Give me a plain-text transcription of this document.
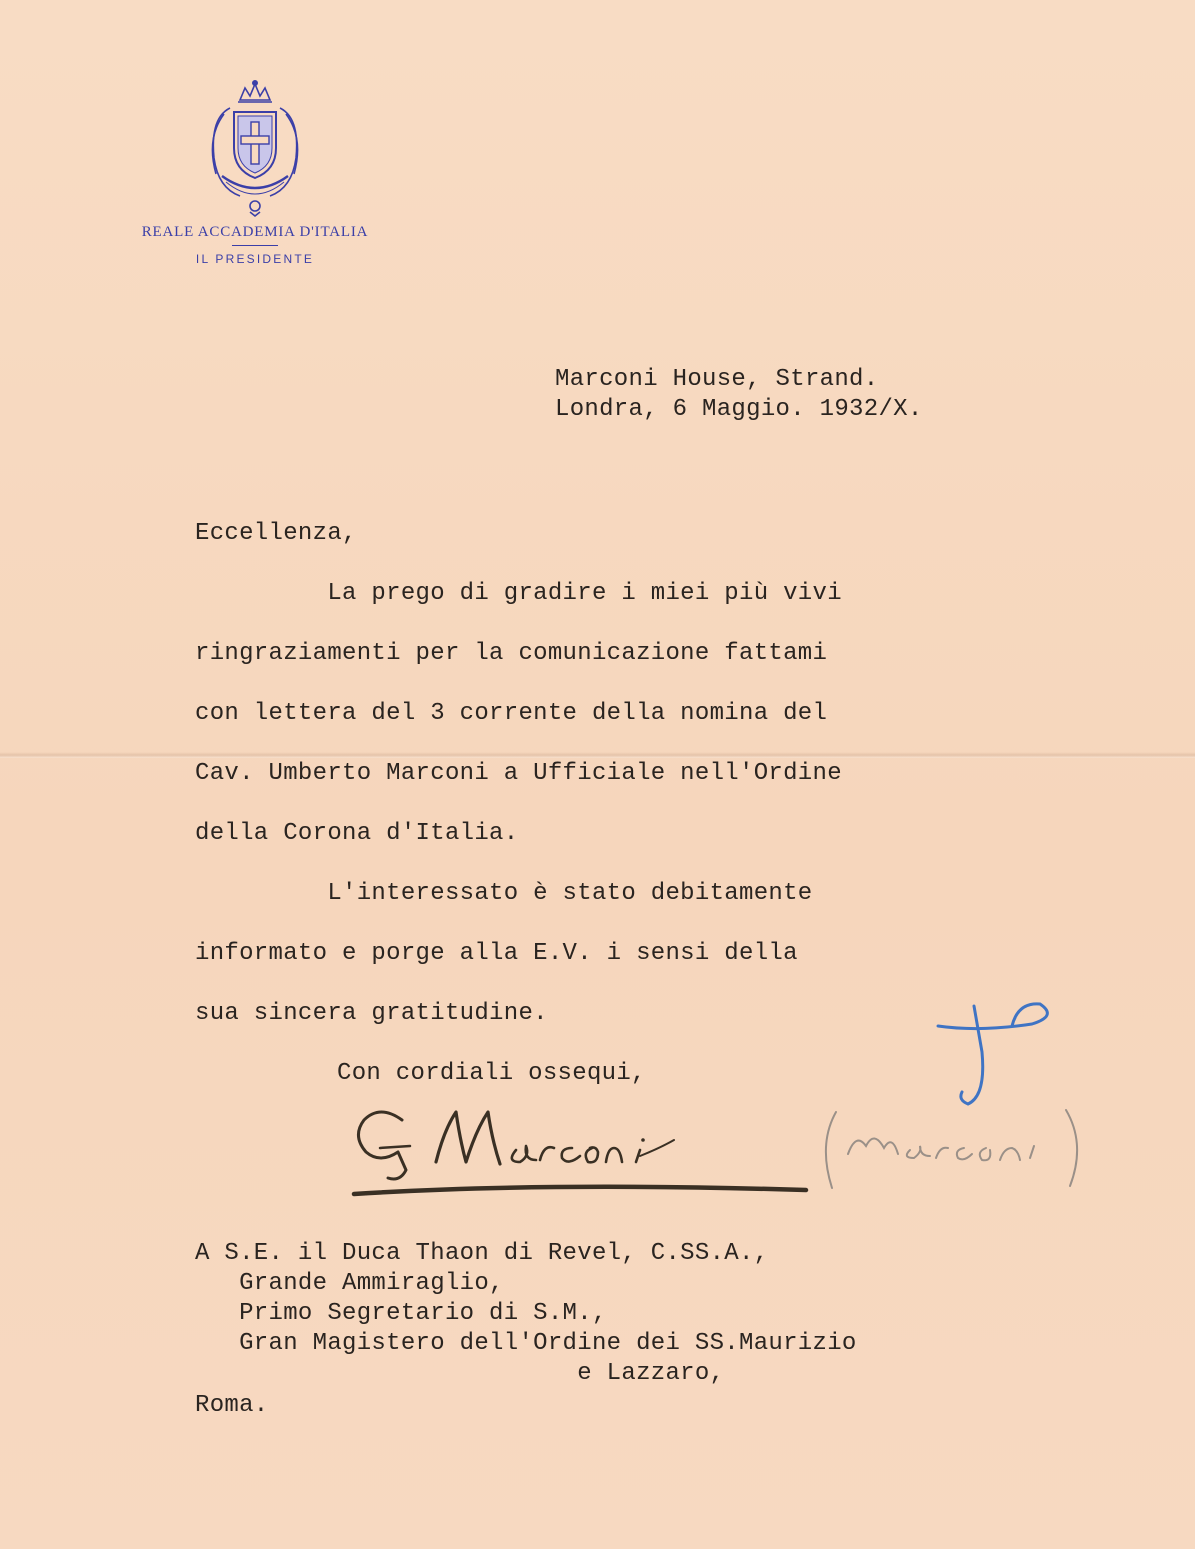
REALE ACCADEMIA D'ITALIA
IL PRESIDENTE
Marconi House, Strand.
Londra, 6 Maggio. 1932/X.
Eccellenza,
La prego di gradire i miei più vivi
ringraziamenti per la comunicazione fattami
con lettera del 3 corrente della nomina del
Cav. Umberto Marconi a Ufficiale nell'Ordine
della Corona d'Italia.
L'interessato è stato debitamente
informato e porge alla E.V. i sensi della
sua sincera gratitudine.
Con cordiali ossequi,
A S.E. il Duca Thaon di Revel, C.SS.A.,
Grande Ammiraglio,
Primo Segretario di S.M.,
Gran Magistero dell'Ordine dei SS.Maurizio
e Lazzaro,
Roma.
